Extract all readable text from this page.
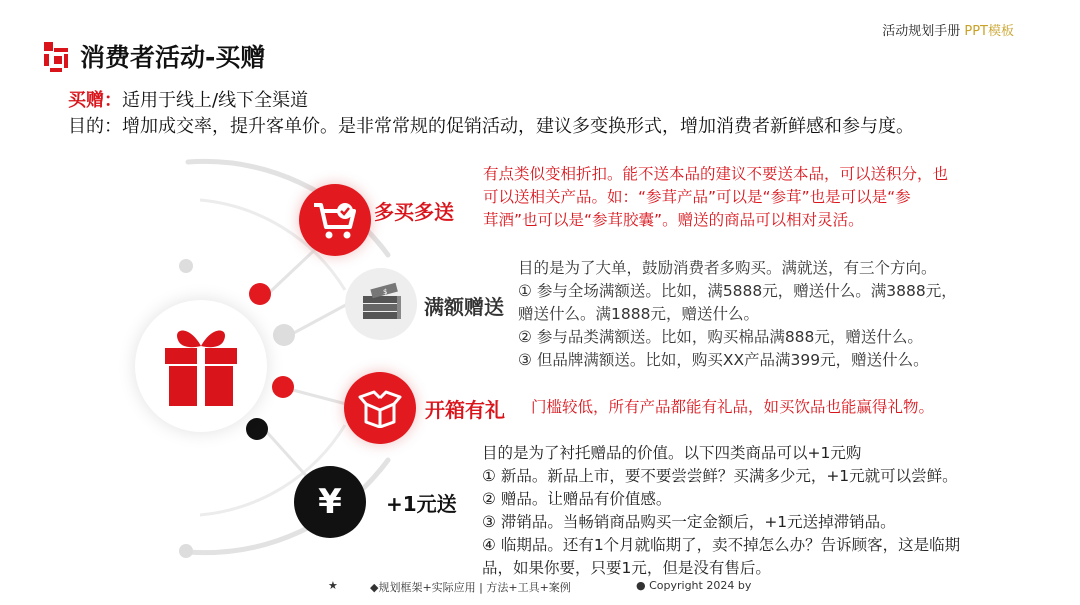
活动规划手册 PPT模板
消费者活动-买赠
买赠：适用于线上/线下全渠道
目的：增加成交率，提升客单价。是非常常规的促销活动，建议多变换形式，增加消费者新鲜感和参与度。
多买多送
有点类似变相折扣。能不送本品的建议不要送本品，可以送积分，也
可以送相关产品。如：“参茸产品”可以是“参茸”也是可以是“参
茸酒”也可以是“参茸胶囊”。赠送的商品可以相对灵活。
$
满额赠送
目的是为了大单，鼓励消费者多购买。满就送，有三个方向。
① 参与全场满额送。比如，满5888元，赠送什么。满3888元，
赠送什么。满1888元，赠送什么。
② 参与品类满额送。比如，购买棉品满888元，赠送什么。
③ 但品牌满额送。比如，购买XX产品满399元，赠送什么。
开箱有礼 门槛较低，所有产品都能有礼品，如买饮品也能赢得礼物。
¥ +1元送
目的是为了衬托赠品的价值。以下四类商品可以+1元购
① 新品。新品上市，要不要尝尝鲜？买满多少元，+1元就可以尝鲜。
② 赠品。让赠品有价值感。
③ 滞销品。当畅销商品购买一定金额后，+1元送掉滞销品。
④ 临期品。还有1个月就临期了，卖不掉怎么办？告诉顾客，这是临期
品，如果你要，只要1元，但是没有售后。
★	◆规划框架+实际应用 | 方法+工具+案例	● Copyright 2024 by
